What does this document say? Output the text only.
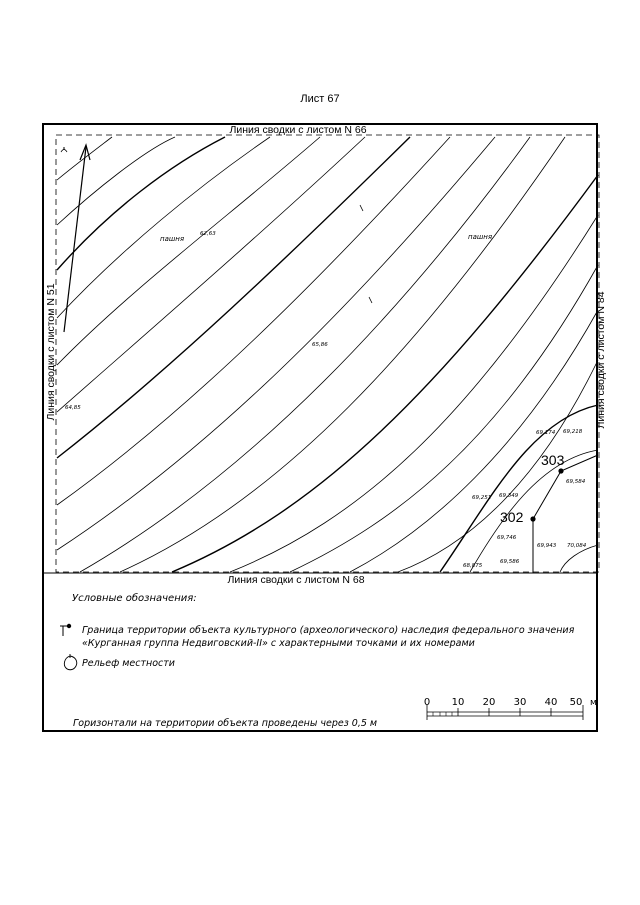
Лист 67
Линия сводки с листом N 66
Линия сводки с листом N 68
Линия сводки с листом N 51	Линия сводки с листом N 84
пашня	пашня
62,63
65,86
64,85
69,174 69,218
69,584
69,251 69,349
69,746
69,943 70,084
68,875
69,586
303
302
0 10 20 30 40 50 м
Условные обозначения:
Граница территории объекта культурного (археологического) наследия федерального значения
«Курганная группа Недвиговский-II» с характерными точками и их номерами
Рельеф местности
Горизонтали на территории объекта проведены через 0,5 м
